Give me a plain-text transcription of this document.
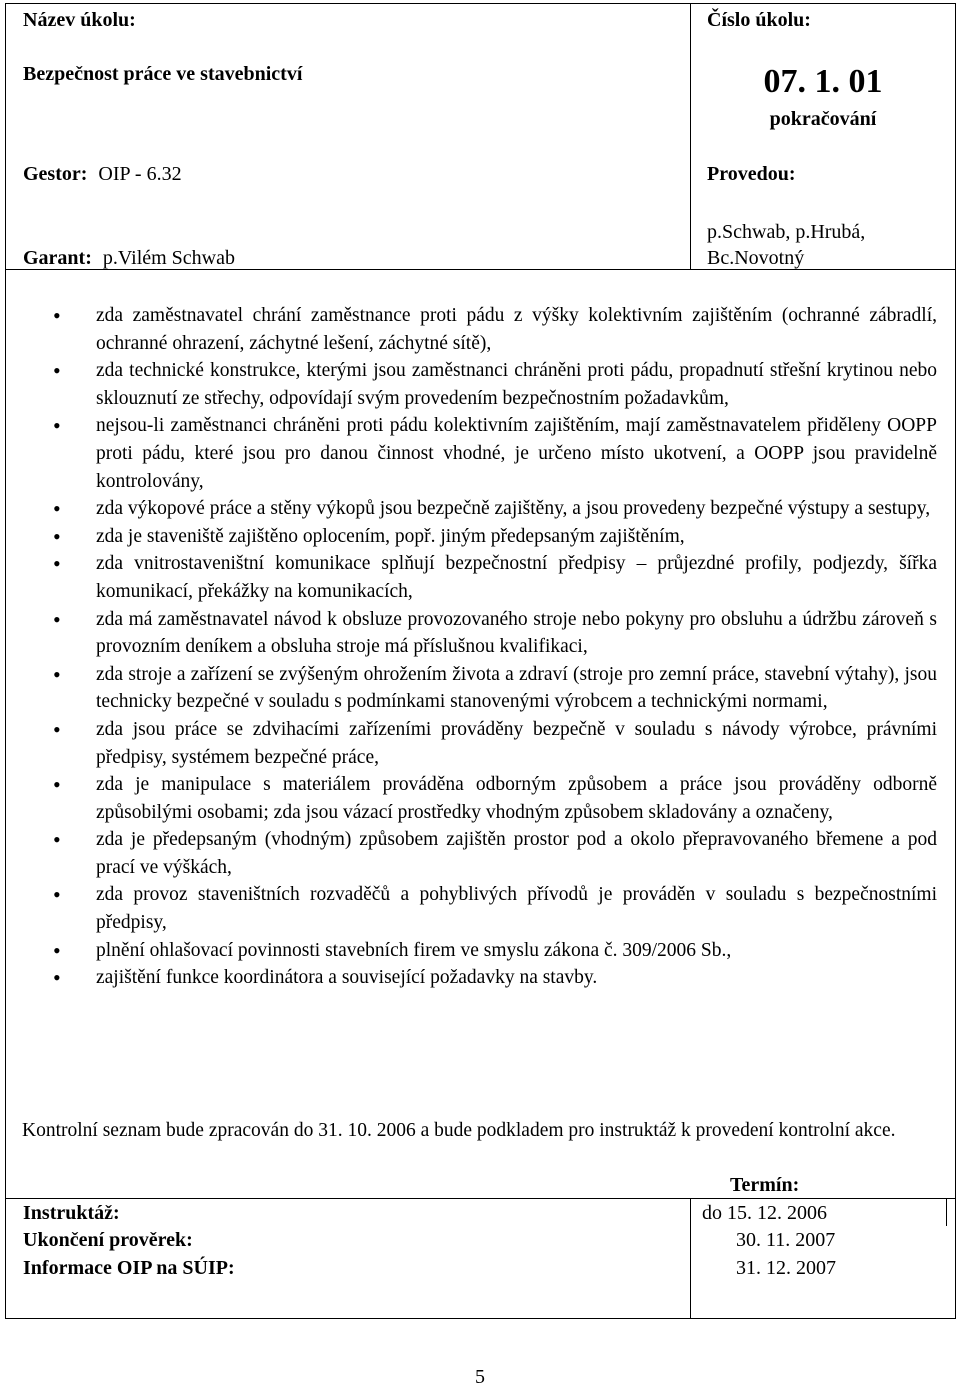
Název úkolu:
Bezpečnost práce ve stavebnictví
Gestor: OIP - 6.32
Garant: p.Vilém Schwab
Číslo úkolu:
07. 1. 01
pokračování
Provedou:
p.Schwab, p.Hrubá,
Bc.Novotný
• zda zaměstnavatel chrání zaměstnance proti pádu z výšky kolektivním zajištěním (ochranné zábradlí, ochranné ohrazení, záchytné lešení, záchytné sítě),
• zda technické konstrukce, kterými jsou zaměstnanci chráněni proti pádu, propadnutí střešní krytinou nebo sklouznutí ze střechy, odpovídají svým provedením bezpečnostním požadavkům,
• nejsou-li zaměstnanci chráněni proti pádu kolektivním zajištěním, mají zaměstnavatelem přiděleny OOPP proti pádu, které jsou pro danou činnost vhodné, je určeno místo ukotvení, a OOPP jsou pravidelně kontrolovány,
• zda výkopové práce a stěny výkopů jsou bezpečně zajištěny, a jsou provedeny bezpečné výstupy a sestupy,
• zda je staveniště zajištěno oplocením, popř. jiným předepsaným zajištěním,
• zda vnitrostaveništní komunikace splňují bezpečnostní předpisy – průjezdné profily, podjezdy, šířka komunikací, překážky na komunikacích,
• zda má zaměstnavatel návod k obsluze provozovaného stroje nebo pokyny pro obsluhu a údržbu zároveň s provozním deníkem a obsluha stroje má příslušnou kvalifikaci,
• zda stroje a zařízení se zvýšeným ohrožením života a zdraví (stroje pro zemní práce, stavební výtahy), jsou technicky bezpečné v souladu s podmínkami stanovenými výrobcem a technickými normami,
• zda jsou práce se zdvihacími zařízeními prováděny bezpečně v souladu s návody výrobce, právními předpisy, systémem bezpečné práce,
• zda je manipulace s materiálem prováděna odborným způsobem a práce jsou prováděny odborně způsobilými osobami; zda jsou vázací prostředky vhodným způsobem skladovány a označeny,
• zda je předepsaným (vhodným) způsobem zajištěn prostor pod a okolo přepravovaného břemene a pod prací ve výškách,
• zda provoz staveništních rozvaděčů a pohyblivých přívodů je prováděn v souladu s bezpečnostními předpisy,
• plnění ohlašovací povinnosti stavebních firem ve smyslu zákona č. 309/2006 Sb.,
• zajištění funkce koordinátora a související požadavky na stavby.
Kontrolní seznam bude zpracován do 31. 10. 2006 a bude podkladem pro instruktáž k provedení kontrolní akce.
Termín:
Instruktáž:
Ukončení prověrek:
Informace OIP na SÚIP:
do 15. 12. 2006
30. 11. 2007
31. 12. 2007
5
